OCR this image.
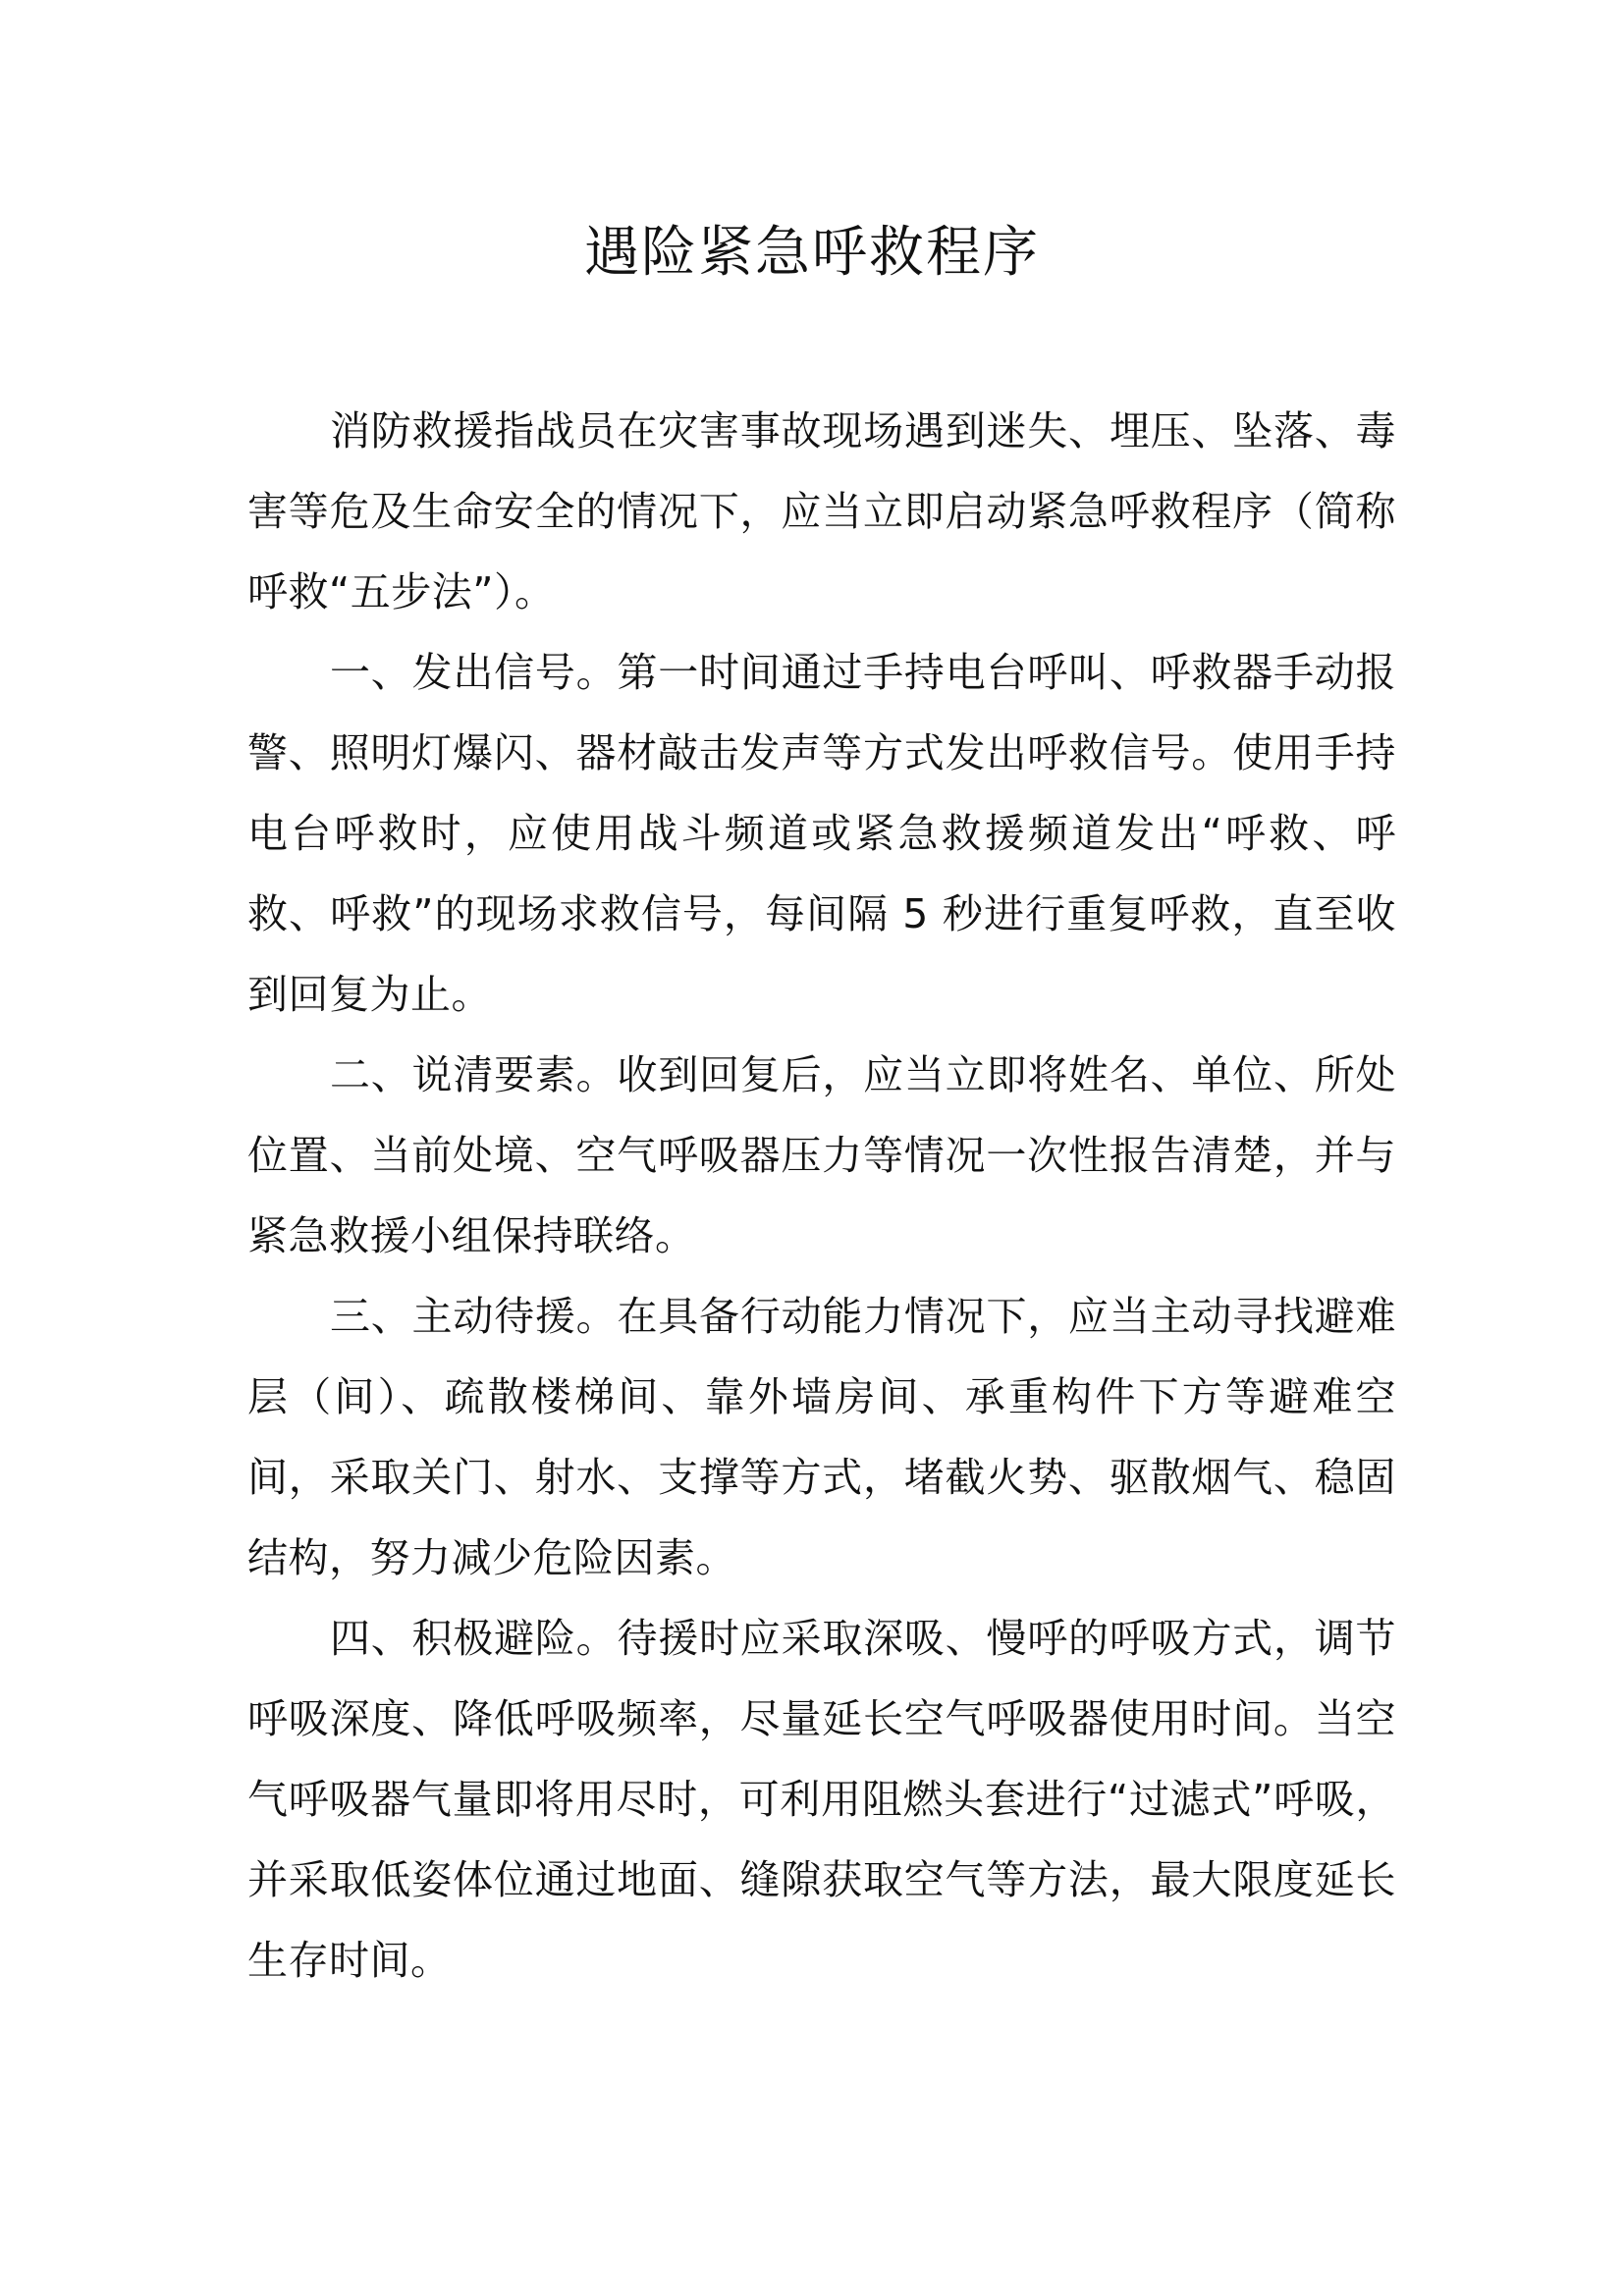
遇险紧急呼救程序

消防救援指战员在灾害事故现场遇到迷失、埋压、坠落、毒害等危及生命安全的情况下，应当立即启动紧急呼救程序（简称呼救“五步法”）。

一、发出信号。第一时间通过手持电台呼叫、呼救器手动报警、照明灯爆闪、器材敲击发声等方式发出呼救信号。使用手持电台呼救时，应使用战斗频道或紧急救援频道发出“呼救、呼救、呼救”的现场求救信号，每间隔 5 秒进行重复呼救，直至收到回复为止。

二、说清要素。收到回复后，应当立即将姓名、单位、所处位置、当前处境、空气呼吸器压力等情况一次性报告清楚，并与紧急救援小组保持联络。

三、主动待援。在具备行动能力情况下，应当主动寻找避难层（间）、疏散楼梯间、靠外墙房间、承重构件下方等避难空间，采取关门、射水、支撑等方式，堵截火势、驱散烟气、稳固结构，努力减少危险因素。

四、积极避险。待援时应采取深吸、慢呼的呼吸方式，调节呼吸深度、降低呼吸频率，尽量延长空气呼吸器使用时间。当空气呼吸器气量即将用尽时，可利用阻燃头套进行“过滤式”呼吸，并采取低姿体位通过地面、缝隙获取空气等方法，最大限度延长生存时间。
